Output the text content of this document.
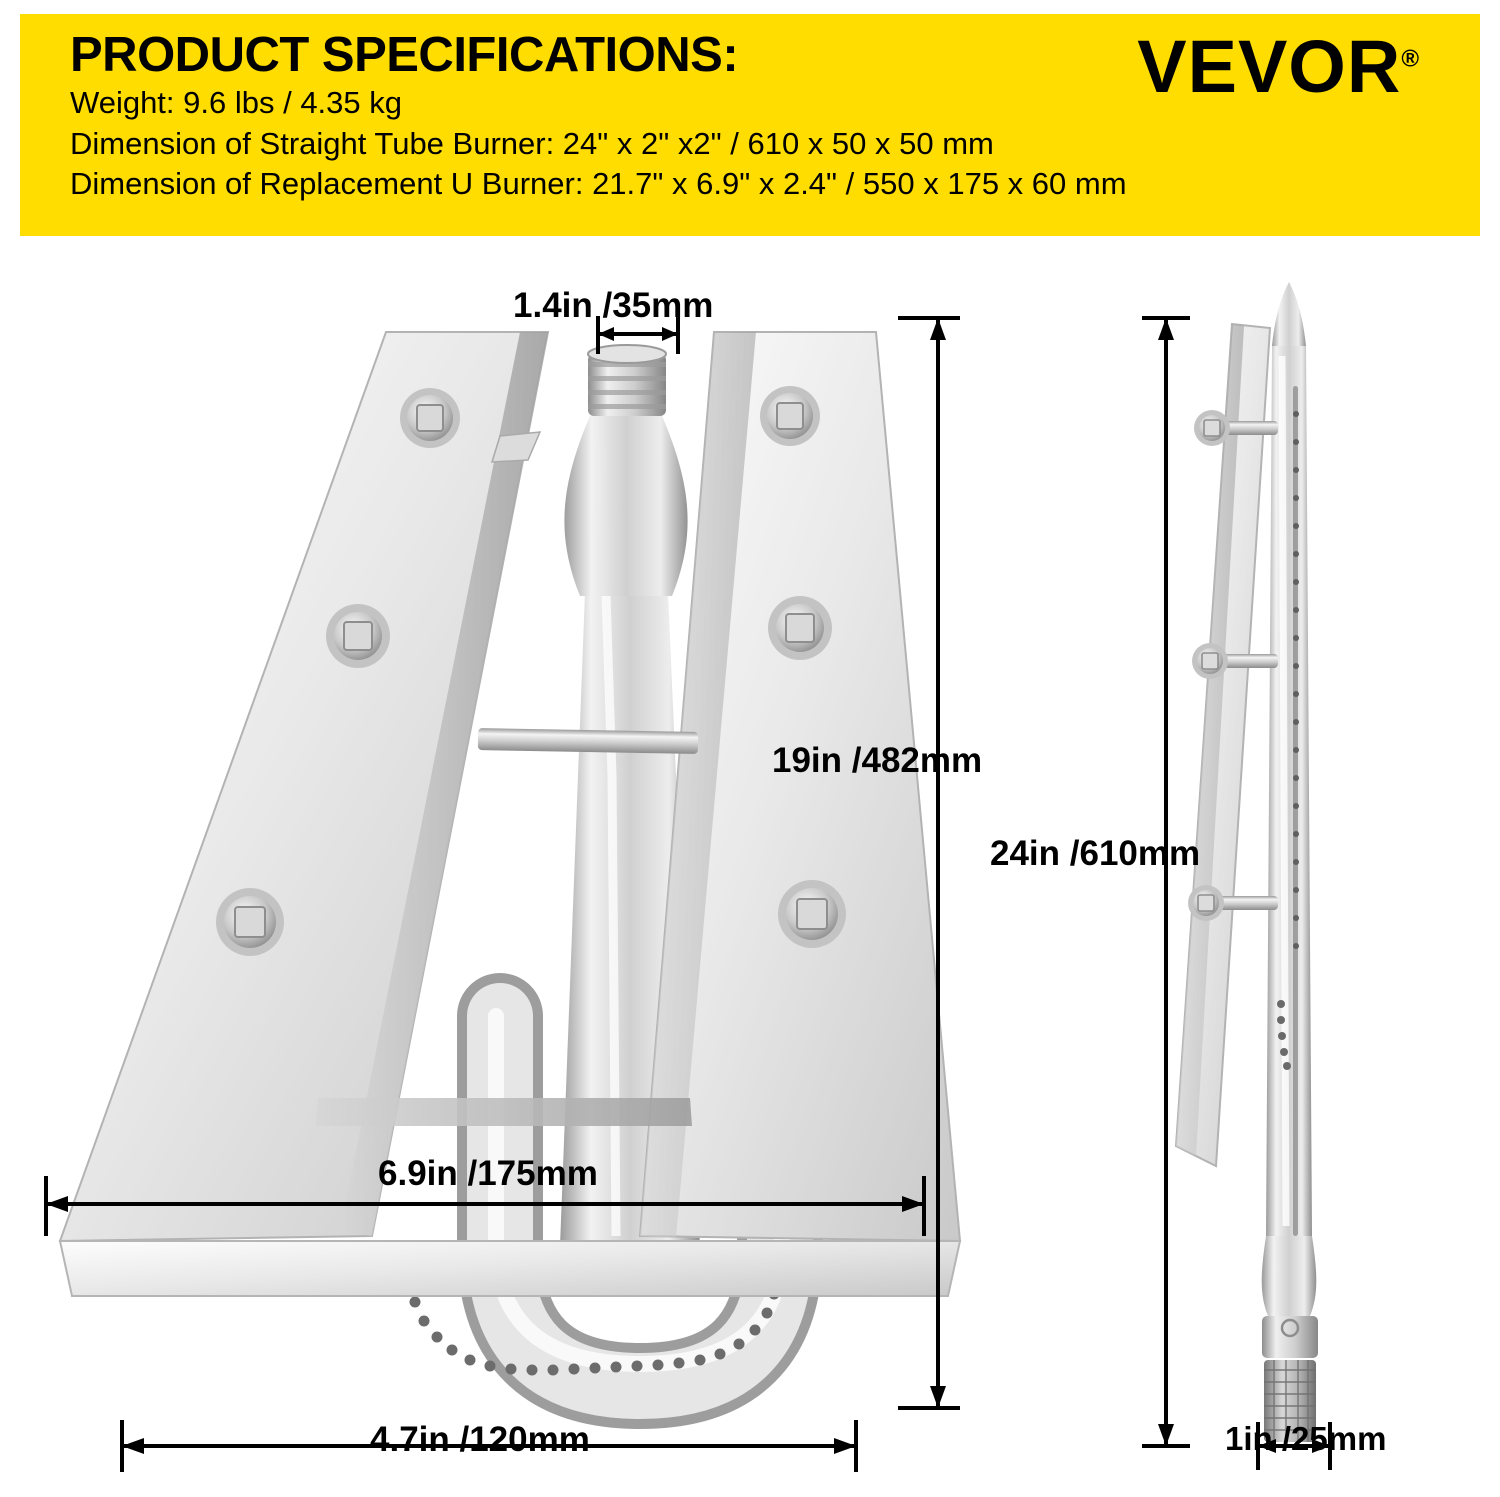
PRODUCT SPECIFICATIONS:
Weight: 9.6 lbs / 4.35 kg
Dimension of Straight Tube Burner: 24" x 2" x2" / 610 x 50 x 50 mm
Dimension of Replacement U Burner: 21.7" x 6.9" x 2.4" / 550 x 175 x 60 mm
VEVOR®
1.4in /35mm
19in /482mm
24in /610mm
6.9in /175mm
4.7in /120mm	1in /25mm
